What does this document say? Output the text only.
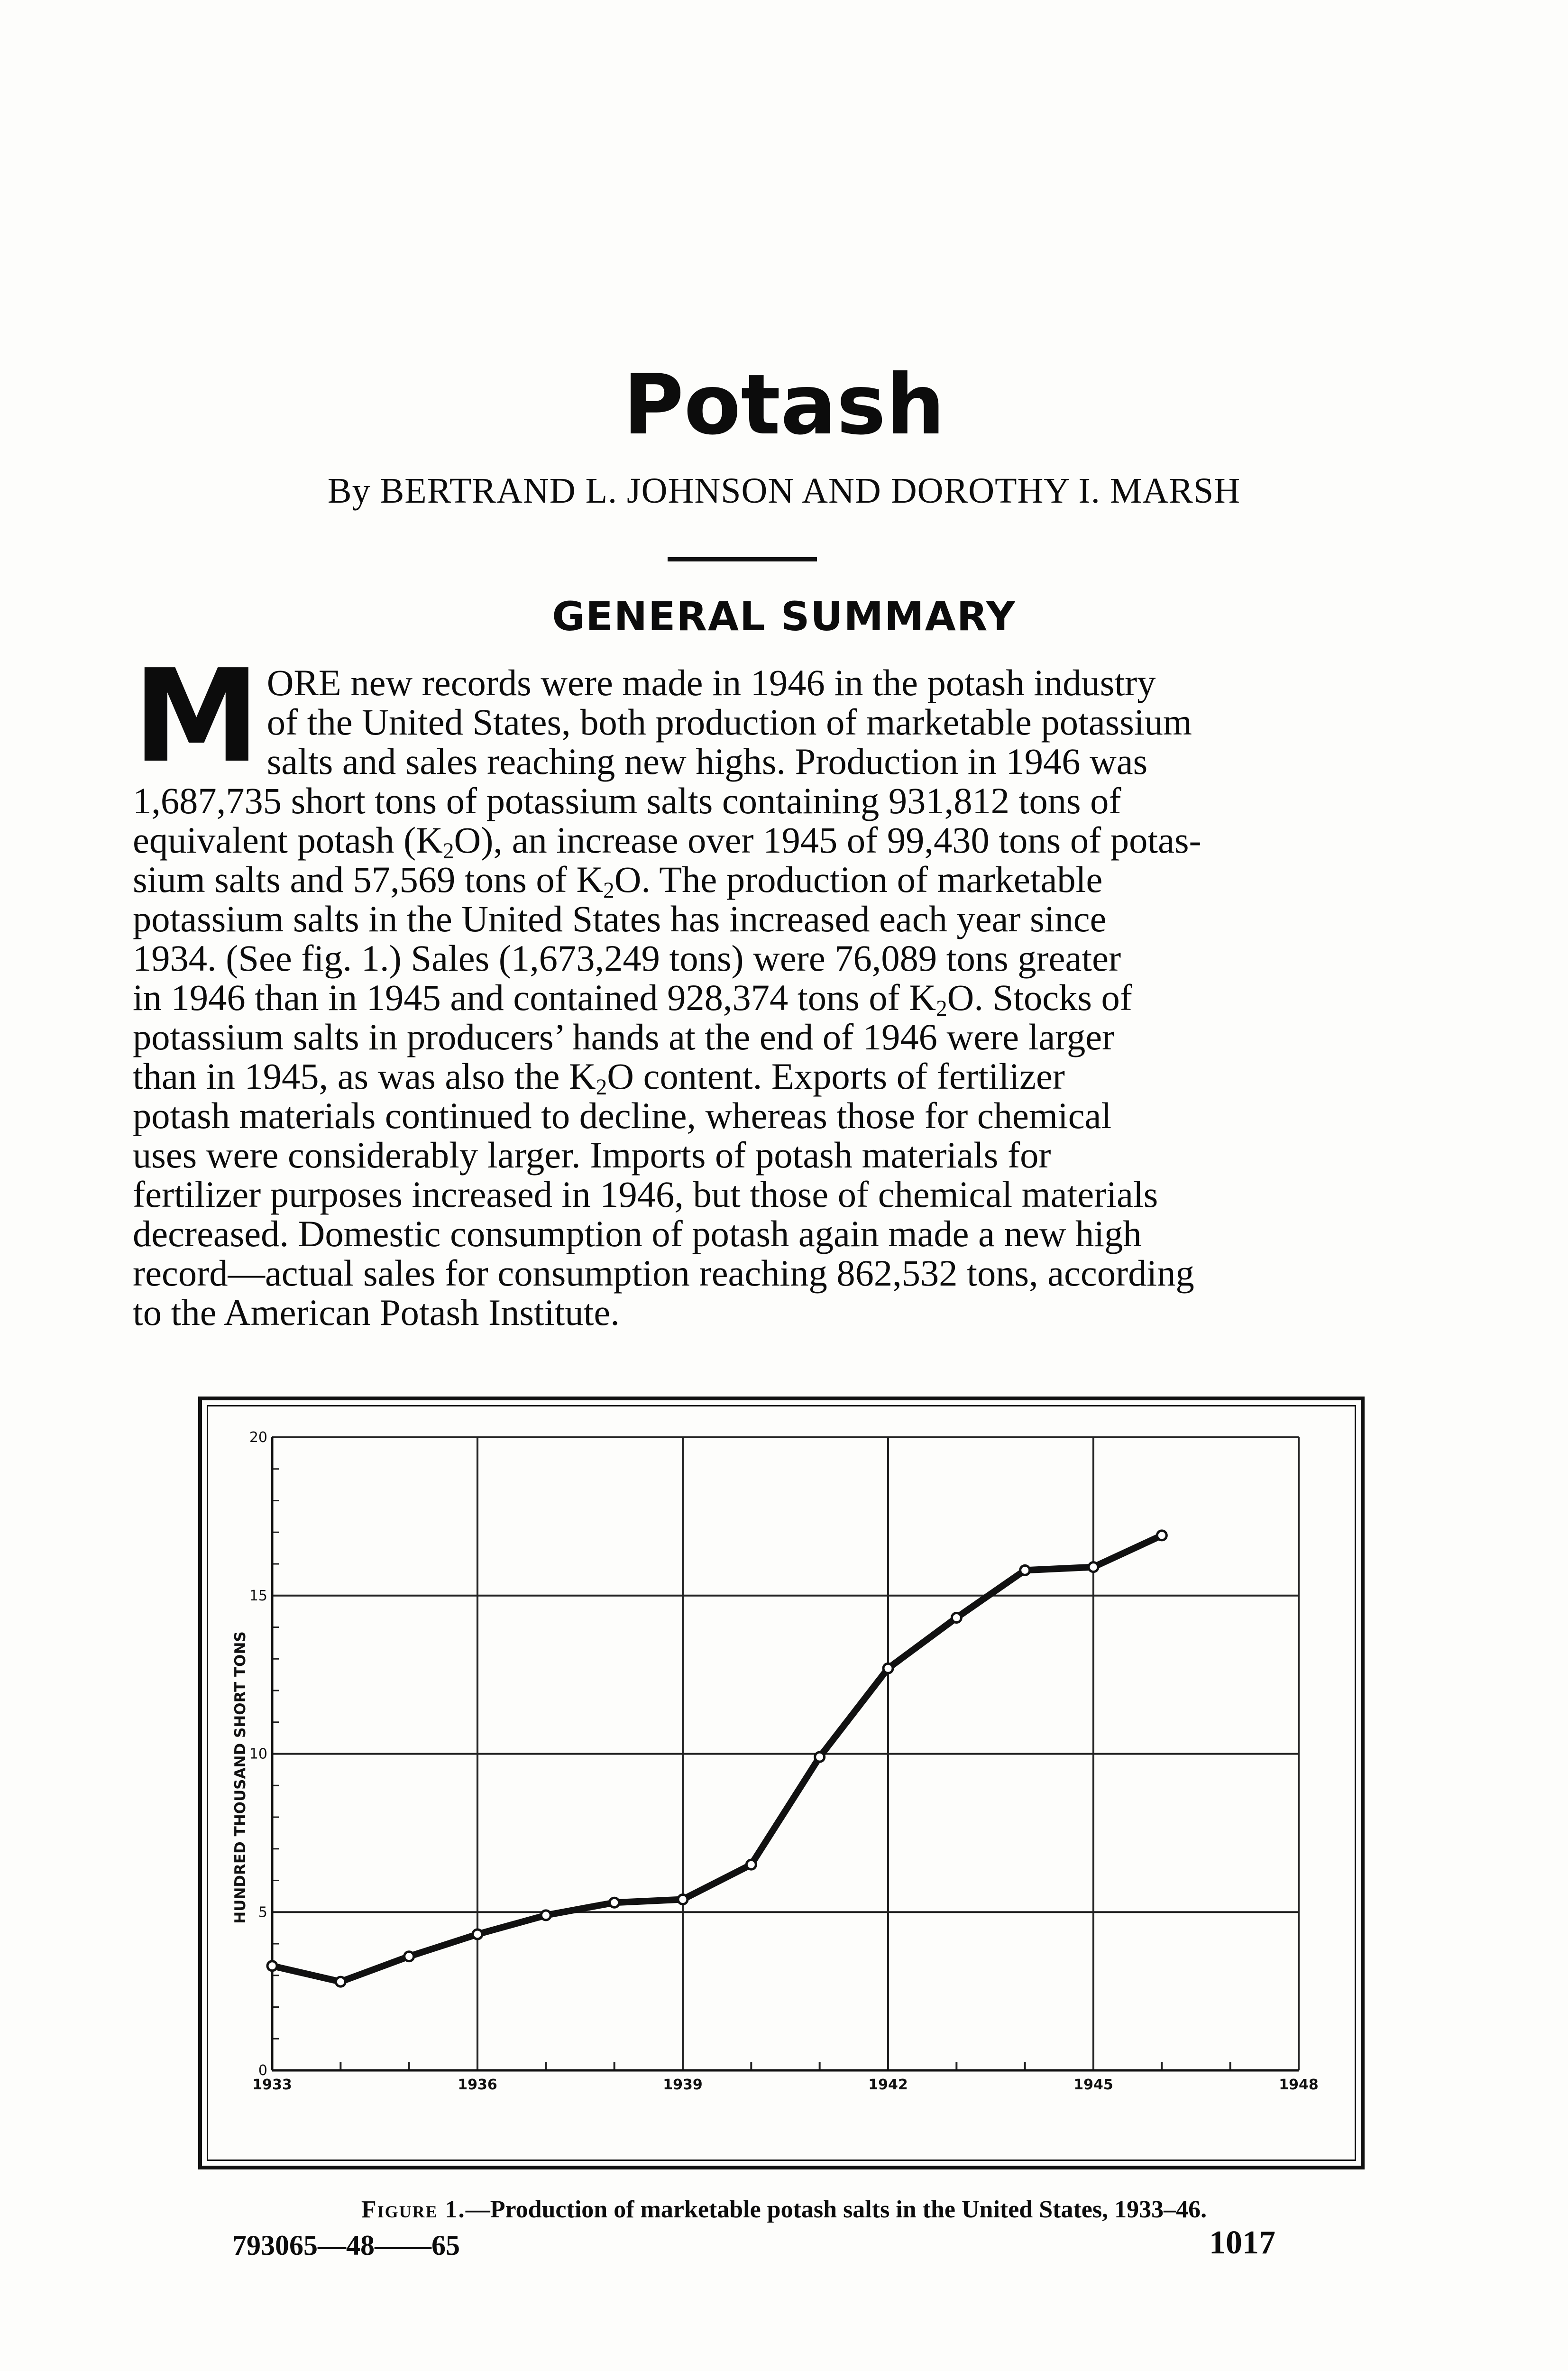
Potash

By BERTRAND L. JOHNSON AND DOROTHY I. MARSH

GENERAL SUMMARY

M ORE new records were made in 1946 in the potash industry
of the United States, both production of marketable potassium
salts and sales reaching new highs. Production in 1946 was
1,687,735 short tons of potassium salts containing 931,812 tons of
equivalent potash $(K_2O)$, an increase over 1945 of 99,430 tons of potas-
sium salts and 57,569 tons of $K_2O$. The production of marketable
potassium salts in the United States has increased each year since
1934. (See fig. 1.) Sales (1,673,249 tons) were 76,089 tons greater
in 1946 than in 1945 and contained 928,374 tons of $K_2O$. Stocks of
potassium salts in producers’ hands at the end of 1946 were larger
than in 1945, as was also the $K_2O$ content. Exports of fertilizer
potash materials continued to decline, whereas those for chemical
uses were considerably larger. Imports of potash materials for
fertilizer purposes increased in 1946, but those of chemical materials
decreased. Domestic consumption of potash again made a new high
record—actual sales for consumption reaching 862,532 tons, according
to the American Potash Institute.

0
5
10
15
20
1933	1936	1939	1942	1945	1948
HUNDRED THOUSAND SHORT TONS

Figure 1.—Production of marketable potash salts in the United States, 1933–46.

793065—48——65	1017
